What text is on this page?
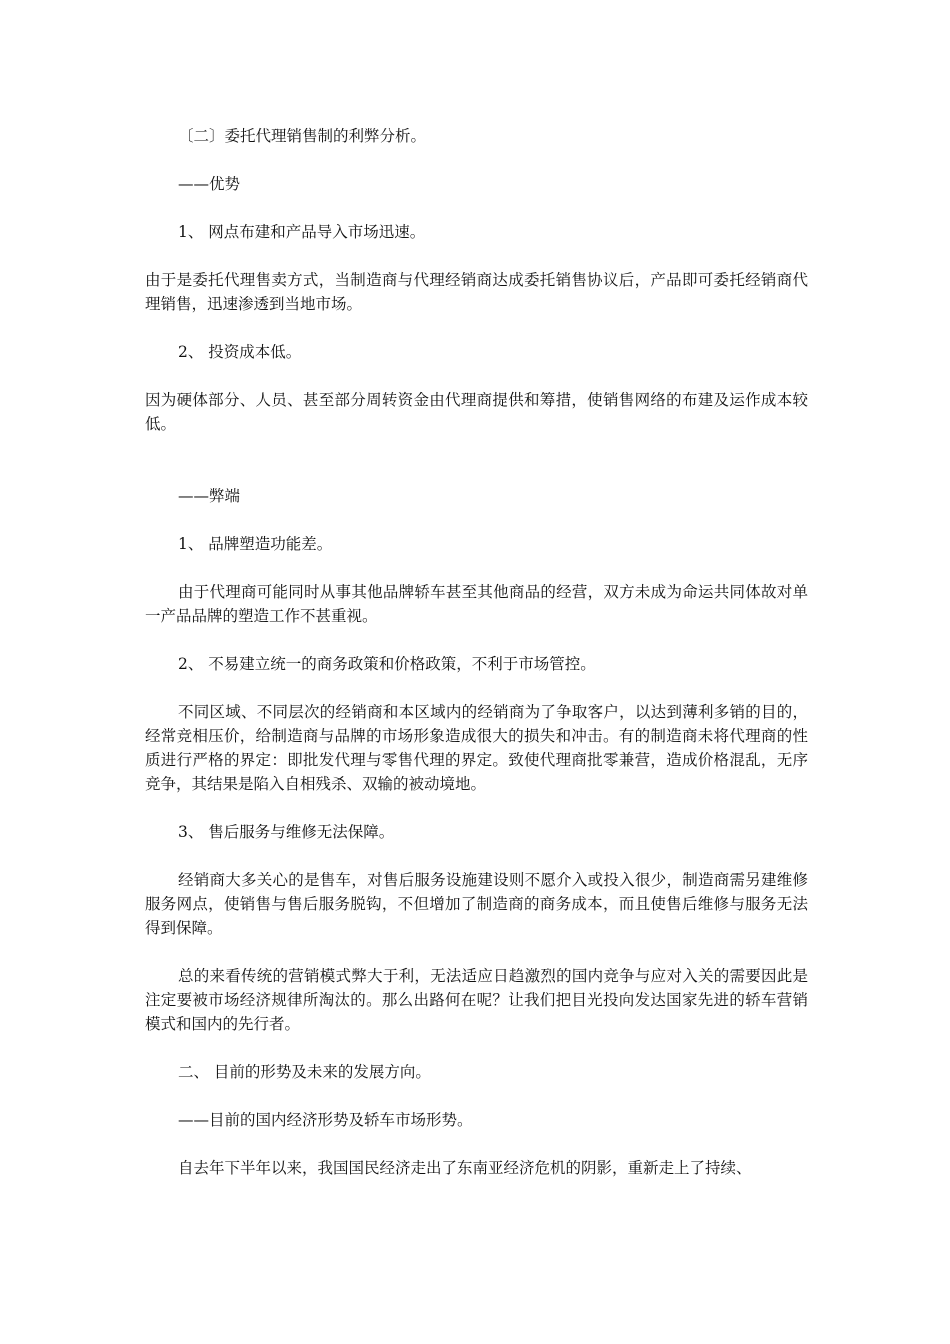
〔二〕委托代理销售制的利弊分析。

——优势

1、 网点布建和产品导入市场迅速。

由于是委托代理售卖方式，当制造商与代理经销商达成委托销售协议后，产品即可委托经销商代理销售，迅速渗透到当地市场。

2、 投资成本低。

因为硬体部分、人员、甚至部分周转资金由代理商提供和筹措，使销售网络的布建及运作成本较低。

——弊端

1、 品牌塑造功能差。

由于代理商可能同时从事其他品牌轿车甚至其他商品的经营，双方未成为命运共同体故对单一产品品牌的塑造工作不甚重视。

2、 不易建立统一的商务政策和价格政策，不利于市场管控。

不同区域、不同层次的经销商和本区域内的经销商为了争取客户，以达到薄利多销的目的，经常竞相压价，给制造商与品牌的市场形象造成很大的损失和冲击。有的制造商未将代理商的性质进行严格的界定：即批发代理与零售代理的界定。致使代理商批零兼营，造成价格混乱，无序竞争，其结果是陷入自相残杀、双输的被动境地。

3、 售后服务与维修无法保障。

经销商大多关心的是售车，对售后服务设施建设则不愿介入或投入很少，制造商需另建维修服务网点，使销售与售后服务脱钩，不但增加了制造商的商务成本，而且使售后维修与服务无法得到保障。

总的来看传统的营销模式弊大于利，无法适应日趋激烈的国内竞争与应对入关的需要因此是注定要被市场经济规律所淘汰的。那么出路何在呢？让我们把目光投向发达国家先进的轿车营销模式和国内的先行者。

二、 目前的形势及未来的发展方向。

——目前的国内经济形势及轿车市场形势。

自去年下半年以来，我国国民经济走出了东南亚经济危机的阴影，重新走上了持续、
